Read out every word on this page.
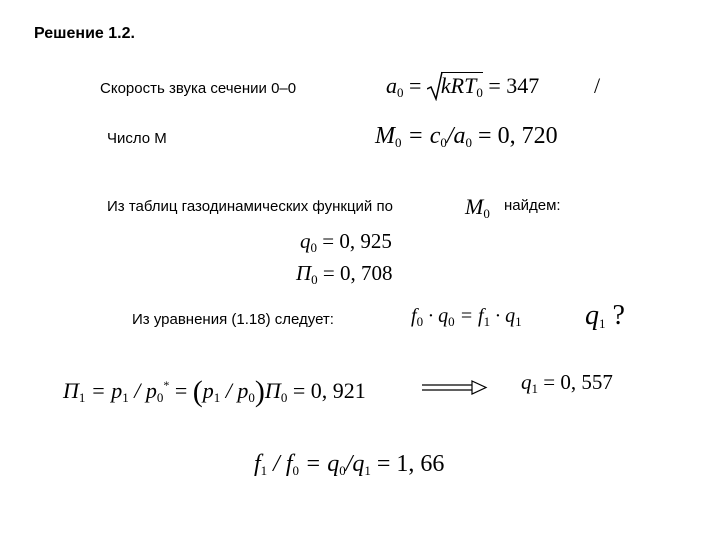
Решение 1.2.
Скорость звука сечении 0–0	$a_0$ =
kRT$_0$ = 347 /
Число М	$M_0 = c_0/a_0 = 0$, 720
Из таблиц газодинамических функций по	$M_0$ найдем:
$q_0 = 0$, 925
$\Pi_0 = 0$, 708
Из уравнения (1.18) следует:	$f_0 \cdot q_0 = f_1 \cdot q_1$ $q_1$ ?
$\Pi_1 = p_1 / p_0^* = (p_1 / p_0)\Pi_0 = 0$, 921	$q_1 = 0$, 557
$f_1 / f_0 = q_0/q_1 = 1$, 66
